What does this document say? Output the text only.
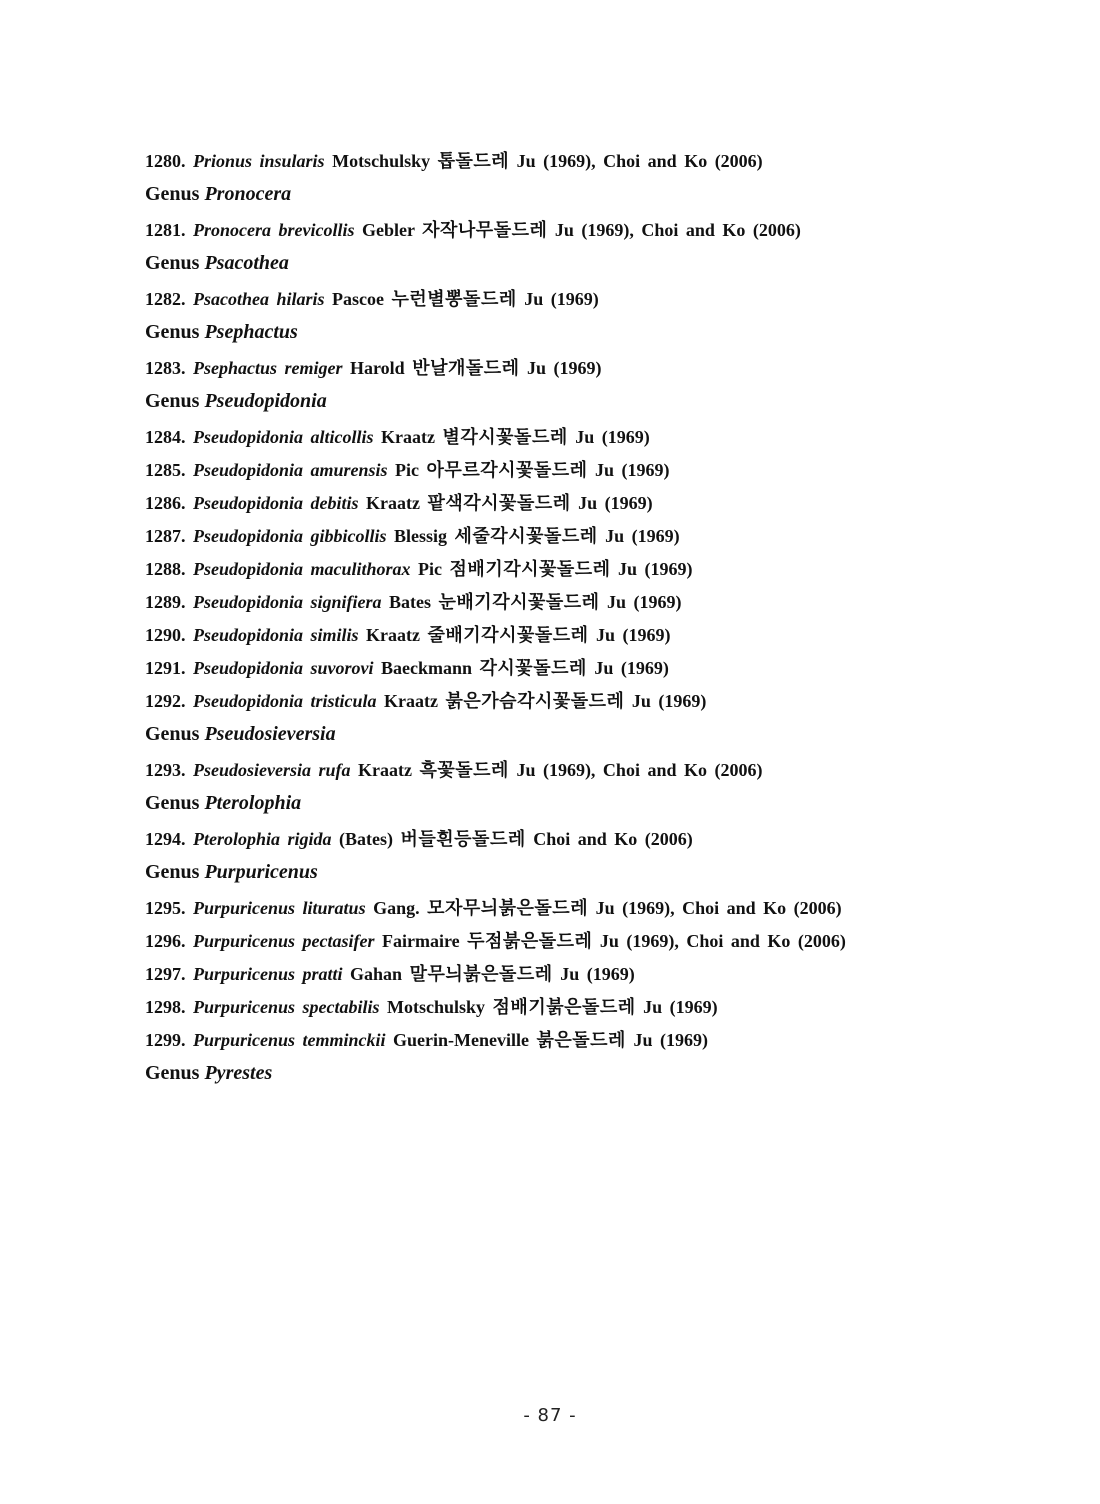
1280. Prionus insularis Motschulsky 톱돌드레 Ju (1969), Choi and Ko (2006)
Genus Pronocera
1281. Pronocera brevicollis Gebler 자작나무돌드레 Ju (1969), Choi and Ko (2006)
Genus Psacothea
1282. Psacothea hilaris Pascoe 누런별뽕돌드레 Ju (1969)
Genus Psephactus
1283. Psephactus remiger Harold 반날개돌드레 Ju (1969)
Genus Pseudopidonia
1284. Pseudopidonia alticollis Kraatz 별각시꽃돌드레 Ju (1969)
1285. Pseudopidonia amurensis Pic 아무르각시꽃돌드레 Ju (1969)
1286. Pseudopidonia debitis Kraatz 팥색각시꽃돌드레 Ju (1969)
1287. Pseudopidonia gibbicollis Blessig 세줄각시꽃돌드레 Ju (1969)
1288. Pseudopidonia maculithorax Pic 점배기각시꽃돌드레 Ju (1969)
1289. Pseudopidonia signifiera Bates 눈배기각시꽃돌드레 Ju (1969)
1290. Pseudopidonia similis Kraatz 줄배기각시꽃돌드레 Ju (1969)
1291. Pseudopidonia suvorovi Baeckmann 각시꽃돌드레 Ju (1969)
1292. Pseudopidonia tristicula Kraatz 붉은가슴각시꽃돌드레 Ju (1969)
Genus Pseudosieversia
1293. Pseudosieversia rufa Kraatz 흑꽃돌드레 Ju (1969), Choi and Ko (2006)
Genus Pterolophia
1294. Pterolophia rigida (Bates) 버들흰등돌드레 Choi and Ko (2006)
Genus Purpuricenus
1295. Purpuricenus lituratus Gang. 모자무늬붉은돌드레 Ju (1969), Choi and Ko (2006)
1296. Purpuricenus pectasifer Fairmaire 두점붉은돌드레 Ju (1969), Choi and Ko (2006)
1297. Purpuricenus pratti Gahan 말무늬붉은돌드레 Ju (1969)
1298. Purpuricenus spectabilis Motschulsky 점배기붉은돌드레 Ju (1969)
1299. Purpuricenus temminckii Guerin-Meneville 붉은돌드레 Ju (1969)
Genus Pyrestes
- 87 -
